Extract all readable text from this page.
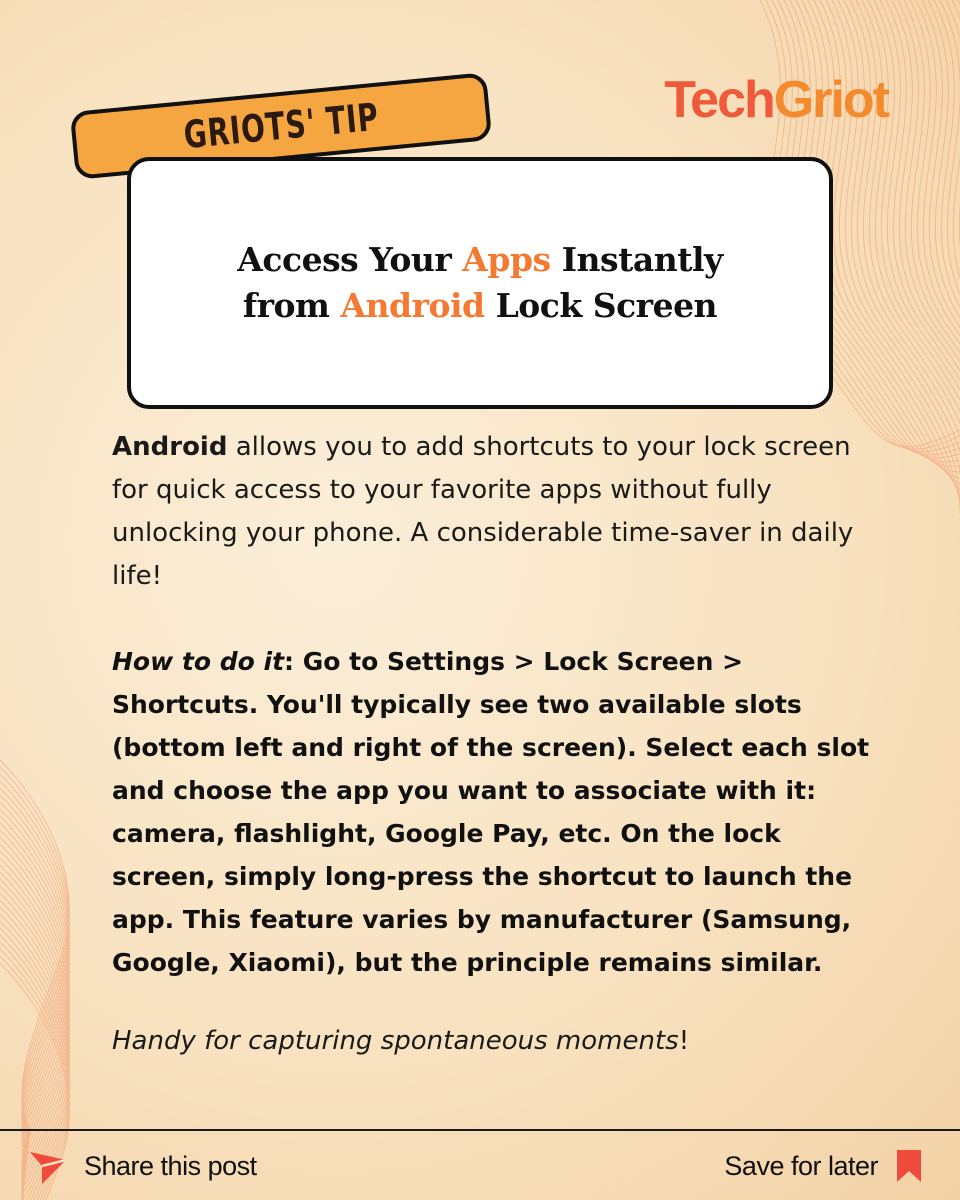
TechGriot
GRIOTS' TIP
Access Your Apps Instantly from Android Lock Screen

Android allows you to add shortcuts to your lock screen for quick access to your favorite apps without fully unlocking your phone. A considerable time-saver in daily life!

How to do it: Go to Settings > Lock Screen > Shortcuts. You'll typically see two available slots (bottom left and right of the screen). Select each slot and choose the app you want to associate with it: camera, flashlight, Google Pay, etc. On the lock screen, simply long-press the shortcut to launch the app. This feature varies by manufacturer (Samsung, Google, Xiaomi), but the principle remains similar.

Handy for capturing spontaneous moments!

Share this post	Save for later
